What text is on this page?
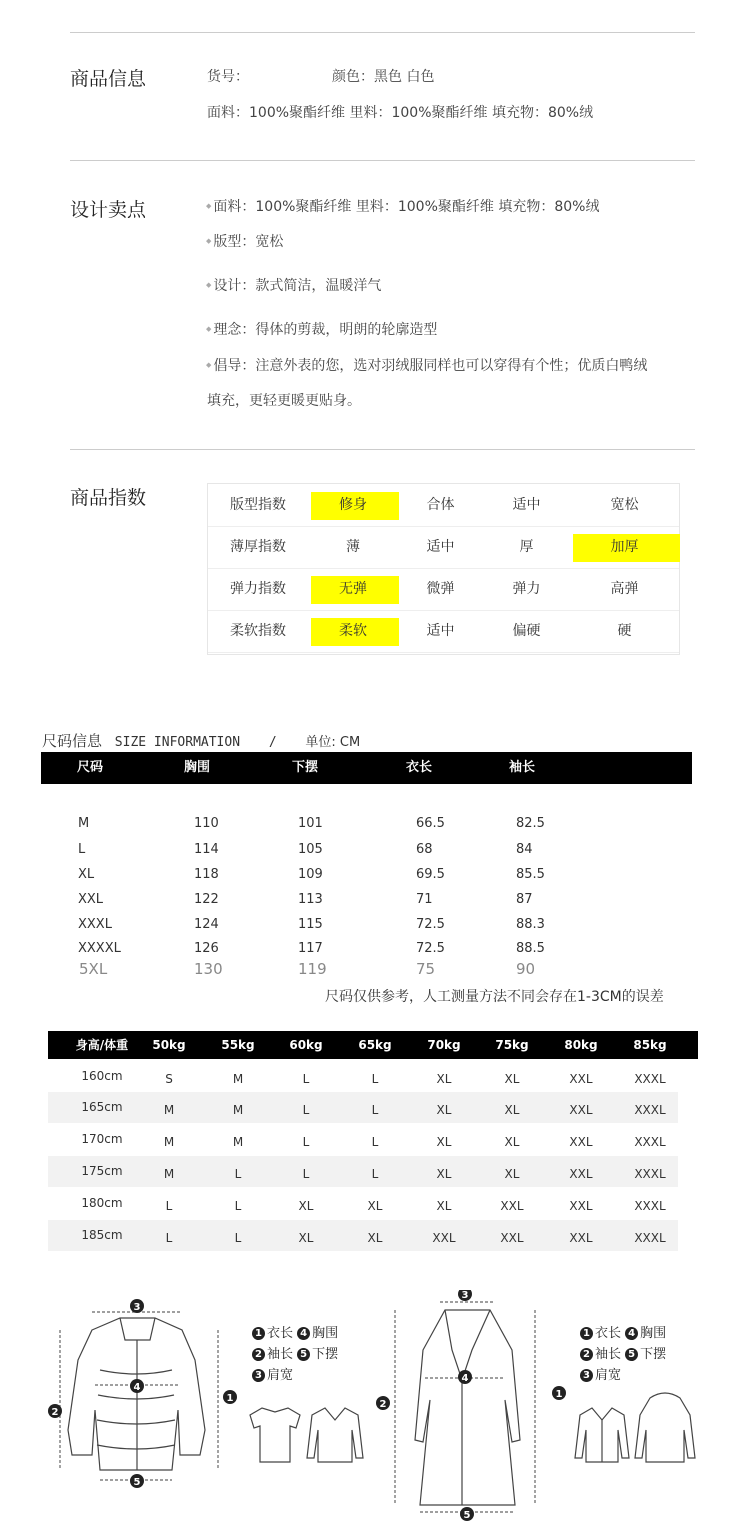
商品信息	货号：	颜色：黑色 白色
面料：100%聚酯纤维 里料：100%聚酯纤维 填充物：80%绒
设计卖点
◆	面料：100%聚酯纤维 里料：100%聚酯纤维 填充物：80%绒
◆ 版型：宽松
◆ 设计：款式简洁，温暖洋气
◆ 理念：得体的剪裁，明朗的轮廓造型
◆ 倡导：注意外表的您，选对羽绒服同样也可以穿得有个性；优质白鸭绒
填充，更轻更暖更贴身。
商品指数	版型指数	修身	合体	适中	宽松
薄厚指数	薄	适中	厚	加厚
弹力指数	无弹	微弹	弹力	高弹
柔软指数	柔软	适中	偏硬	硬
尺码信息 SIZE INFORMATION / 单位: CM
尺码	胸围	下摆	衣长	袖长
M	110	101	66.5	82.5
L	114	105	68	84
XL	118	109	69.5	85.5
XXL	122	113	71	87
XXXL	124	115	72.5	88.3
XXXXL	126	117	72.5	88.5
5XL	130	119	75	90
尺码仅供参考，人工测量方法不同会存在1-3CM的误差
身高/体重	50kg	55kg	60kg	65kg	70kg	75kg	80kg	85kg
160cm	S	M	L	L	XL	XL	XXL	XXXL
165cm	M	M	L	L	XL	XL	XXL	XXXL
170cm	M	M	L	L	XL	XL	XXL	XXXL
175cm	M	L	L	L	XL	XL	XXL	XXXL
180cm	L	L	XL	XL	XL	XXL	XXL	XXXL
185cm	L	L	XL	XL	XXL	XXL	XXL	XXXL
3
4
5
2
1
3
4
5
2
1
1 衣长 4 胸围
2 袖长 5 下摆
3 肩宽
1 衣长 4 胸围
2 袖长 5 下摆
3 肩宽
